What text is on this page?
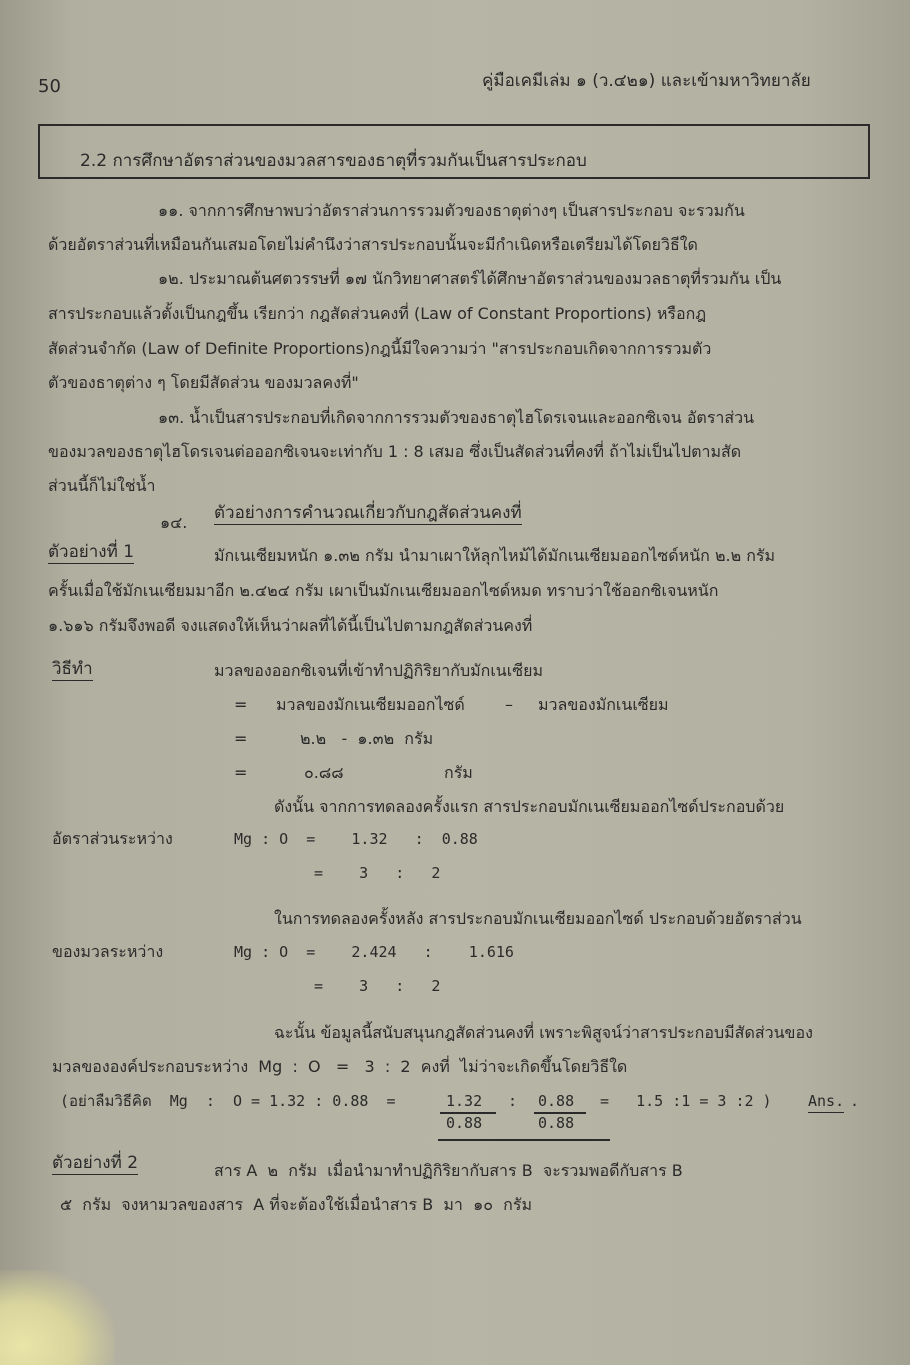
50	คู่มือเคมีเล่ม ๑ (ว.๔๒๑) และเข้ามหาวิทยาลัย
2.2 การศึกษาอัตราส่วนของมวลสารของธาตุที่รวมกันเป็นสารประกอบ
๑๑. จากการศึกษาพบว่าอัตราส่วนการรวมตัวของธาตุต่างๆ เป็นสารประกอบ จะรวมกัน
ด้วยอัตราส่วนที่เหมือนกันเสมอโดยไม่คำนึงว่าสารประกอบนั้นจะมีกำเนิดหรือเตรียมได้โดยวิธีใด
๑๒. ประมาณต้นศตวรรษที่ ๑๗ นักวิทยาศาสตร์ได้ศึกษาอัตราส่วนของมวลธาตุที่รวมกัน เป็น
สารประกอบแล้วตั้งเป็นกฎขึ้น เรียกว่า กฎสัดส่วนคงที่ (Law of Constant Proportions) หรือกฎ
สัดส่วนจำกัด (Law of Definite Proportions)กฎนี้มีใจความว่า "สารประกอบเกิดจากการรวมตัว
ตัวของธาตุต่าง ๆ โดยมีสัดส่วน ของมวลคงที่"
๑๓. น้ำเป็นสารประกอบที่เกิดจากการรวมตัวของธาตุไฮโดรเจนและออกซิเจน อัตราส่วน
ของมวลของธาตุไฮโดรเจนต่อออกซิเจนจะเท่ากับ 1 : 8 เสมอ ซึ่งเป็นสัดส่วนที่คงที่ ถ้าไม่เป็นไปตามสัด
ส่วนนี้ก็ไม่ใช่น้ำ
๑๔. ตัวอย่างการคำนวณเกี่ยวกับกฎสัดส่วนคงที่
ตัวอย่างที่ 1	มักเนเซียมหนัก ๑.๓๒ กรัม นำมาเผาให้ลุกไหม้ได้มักเนเซียมออกไซด์หนัก ๒.๒ กรัม
ครั้นเมื่อใช้มักเนเซียมมาอีก ๒.๔๒๔ กรัม เผาเป็นมักเนเซียมออกไซด์หมด ทราบว่าใช้ออกซิเจนหนัก
๑.๖๑๖ กรัมจึงพอดี จงแสดงให้เห็นว่าผลที่ได้นี้เป็นไปตามกฎสัดส่วนคงที่
วิธีทำ	มวลของออกซิเจนที่เข้าทำปฏิกิริยากับมักเนเซียม
= มวลของมักเนเซียมออกไซด์	– มวลของมักเนเซียม
=	๒.๒   -  ๑.๓๒  กรัม
=	๐.๘๘	กรัม
ดังนั้น จากการทดลองครั้งแรก สารประกอบมักเนเซียมออกไซด์ประกอบด้วย
อัตราส่วนระหว่าง	Mg : O  =    1.32   :  0.88
=    3   :   2
ในการทดลองครั้งหลัง สารประกอบมักเนเซียมออกไซด์ ประกอบด้วยอัตราส่วน
ของมวลระหว่าง	Mg : O  =    2.424   :    1.616
=    3   :   2
ฉะนั้น ข้อมูลนี้สนับสนุนกฎสัดส่วนคงที่ เพราะพิสูจน์ว่าสารประกอบมีสัดส่วนของ
มวลขององค์ประกอบระหว่าง  Mg  :  O   =   3  :  2  คงที่  ไม่ว่าจะเกิดขึ้นโดยวิธีใด
(อย่าลืมวิธีคิด  Mg  :  O = 1.32 : 0.88  =	1.32
0.88
: 0.88
0.88
=   1.5 :1 = 3 :2 ) Ans. .
ตัวอย่างที่ 2	สาร A  ๒  กรัม  เมื่อนำมาทำปฏิกิริยากับสาร B  จะรวมพอดีกับสาร B
๕  กรัม  จงหามวลของสาร  A ที่จะต้องใช้เมื่อนำสาร B  มา  ๑๐  กรัม
